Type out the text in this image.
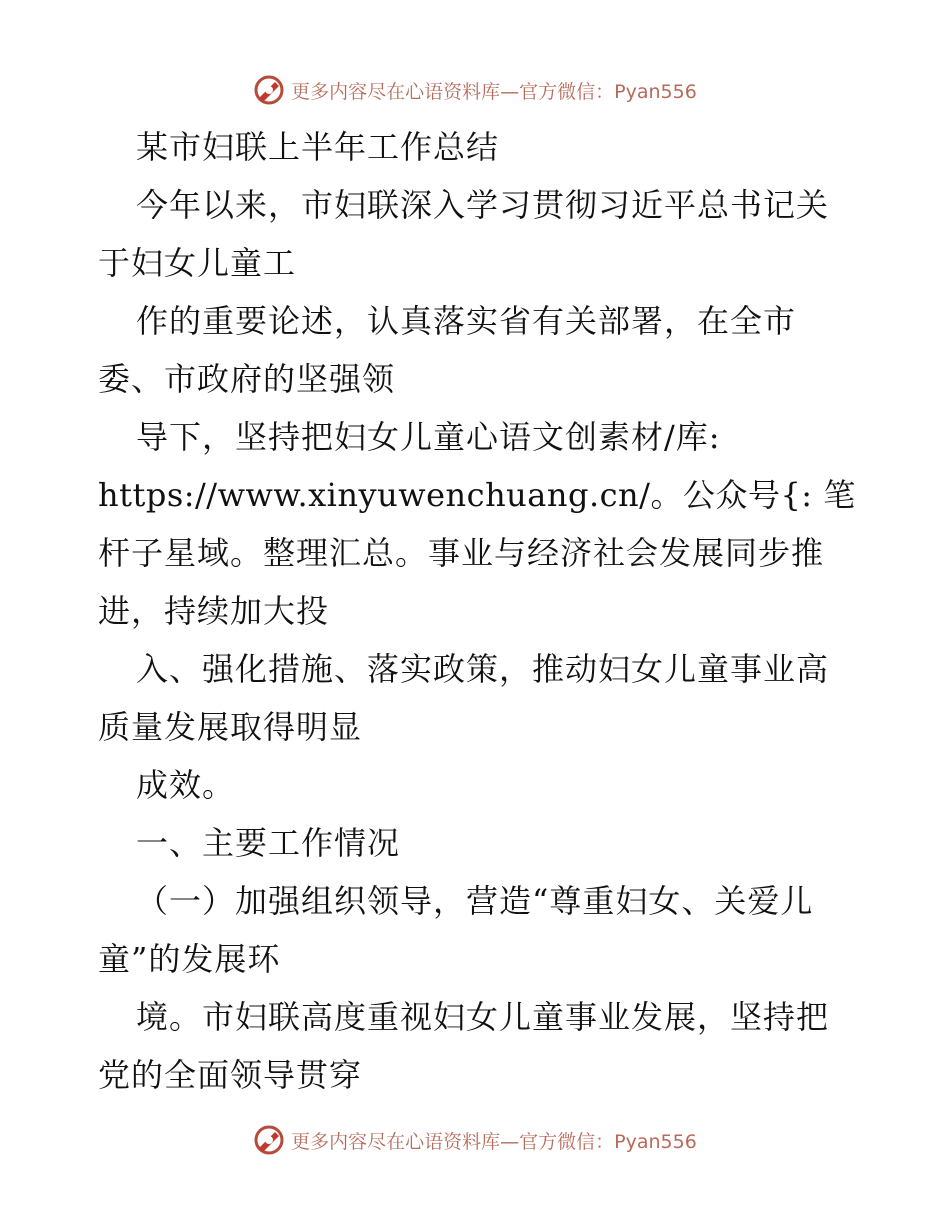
更多内容尽在心语资料库—官方微信：Pyan556
某市妇联上半年工作总结
今年以来，市妇联深入学习贯彻习近平总书记关
于妇女儿童工
作的重要论述，认真落实省有关部署，在全市
委、市政府的坚强领
导下，坚持把妇女儿童心语文创素材/库:
https://www.xinyuwenchuang.cn/。公众号{: 笔
杆子星域。整理汇总。事业与经济社会发展同步推
进，持续加大投
入、强化措施、落实政策，推动妇女儿童事业高
质量发展取得明显
成效。
一、主要工作情况
（一）加强组织领导，营造“尊重妇女、关爱儿
童”的发展环
境。市妇联高度重视妇女儿童事业发展，坚持把
党的全面领导贯穿
更多内容尽在心语资料库—官方微信：Pyan556
